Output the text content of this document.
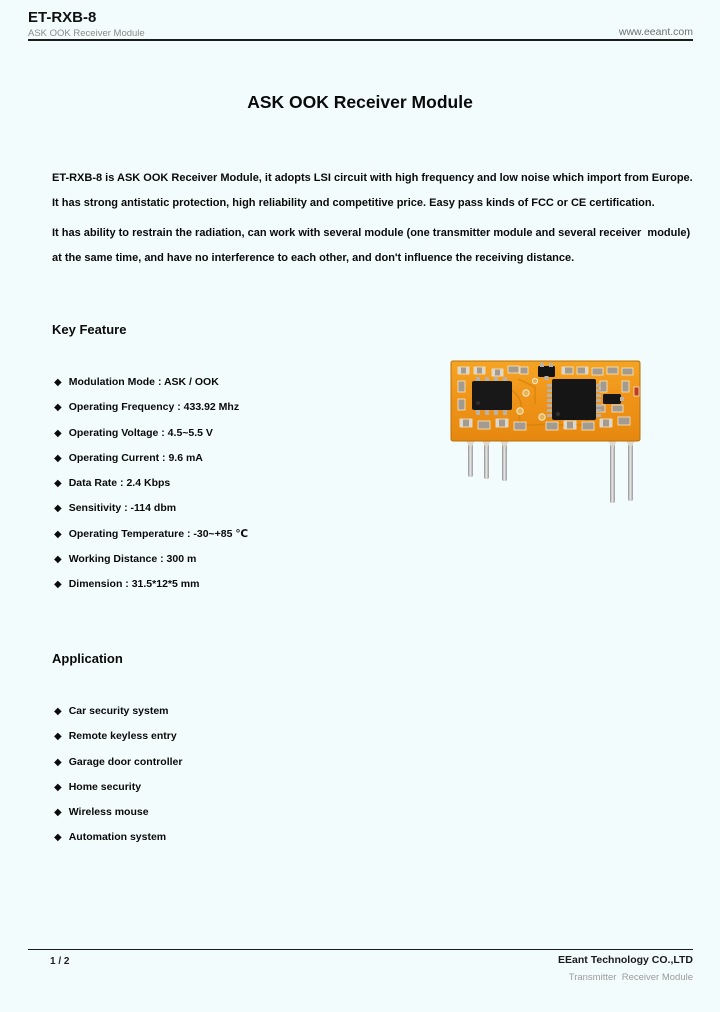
ET-RXB-8
ASK OOK Receiver Module	www.eeant.com
ASK OOK Receiver Module
ET-RXB-8 is ASK OOK Receiver Module, it adopts LSI circuit with high frequency and low noise which import from Europe.
It has strong antistatic protection, high reliability and competitive price. Easy pass kinds of FCC or CE certification.
It has ability to restrain the radiation, can work with several module (one transmitter module and several receiver  module)
at the same time, and have no interference to each other, and don't influence the receiving distance.
Key Feature
◆ Modulation Mode : ASK / OOK
◆ Operating Frequency : 433.92 Mhz
◆ Operating Voltage : 4.5~5.5 V
◆ Operating Current : 9.6 mA
◆ Data Rate : 2.4 Kbps
◆ Sensitivity : -114 dbm
◆ Operating Temperature : -30~+85 ℃
◆ Working Distance : 300 m
◆ Dimension : 31.5*12*5 mm
Application
◆ Car security system
◆ Remote keyless entry
◆ Garage door controller
◆ Home security
◆ Wireless mouse
◆ Automation system
1 / 2	EEant Technology CO.,LTD
Transmitter  Receiver Module
